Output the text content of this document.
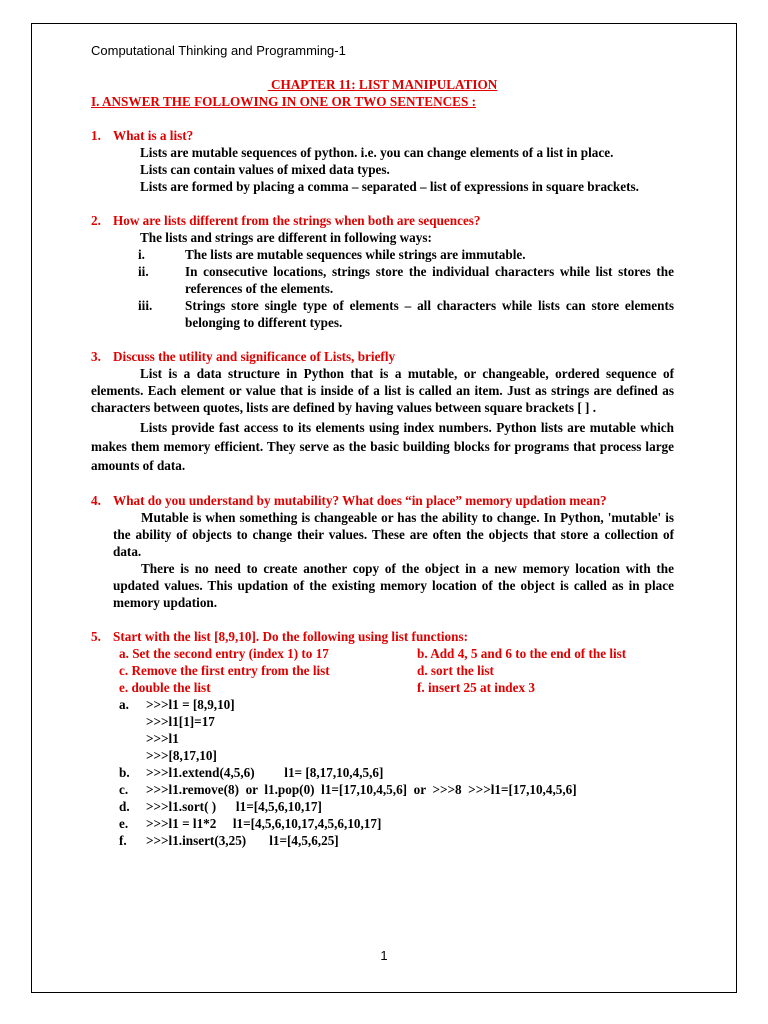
Computational Thinking and Programming-1

CHAPTER 11: LIST MANIPULATION

I. ANSWER THE FOLLOWING IN ONE OR TWO SENTENCES :

1. What is a list?

Lists are mutable sequences of python. i.e. you can change elements of a list in place.

Lists can contain values of mixed data types.

Lists are formed by placing a comma – separated – list of expressions in square brackets.

2. How are lists different from the strings when both are sequences?

The lists and strings are different in following ways:

i.	The lists are mutable sequences while strings are immutable.
ii.	In consecutive locations, strings store the individual characters while list stores the references of the elements.
iii.	Strings store single type of elements – all characters while lists can store elements belonging to different types.
3. Discuss the utility and significance of Lists, briefly

List is a data structure in Python that is a mutable, or changeable, ordered sequence of elements. Each element or value that is inside of a list is called an item. Just as strings are defined as characters between quotes, lists are defined by having values between square brackets [ ] .

Lists provide fast access to its elements using index numbers. Python lists are mutable which makes them memory efficient. They serve as the basic building blocks for programs that process large amounts of data.

4. What do you understand by mutability? What does “in place” memory updation mean?

Mutable is when something is changeable or has the ability to change. In Python, 'mutable' is the ability of objects to change their values. These are often the objects that store a collection of data.

There is no need to create another copy of the object in a new memory location with the updated values. This updation of the existing memory location of the object is called as in place memory updation.

5. Start with the list [8,9,10]. Do the following using list functions:
a. Set the second entry (index 1) to 17	b. Add 4, 5 and 6 to the end of the list
c. Remove the first entry from the list	d. sort the list
e. double the list	f. insert 25 at index 3
a.	>>>l1 = [8,9,10]

>>>l1[1]=17

>>>l1

>>>[8,17,10]

b.	>>>l1.extend(4,5,6)         l1= [8,17,10,4,5,6]
c.	>>>l1.remove(8)  or  l1.pop(0)  l1=[17,10,4,5,6]  or  >>>8  >>>l1=[17,10,4,5,6]
d.	>>>l1.sort( )      l1=[4,5,6,10,17]
e.	>>>l1 = l1*2     l1=[4,5,6,10,17,4,5,6,10,17]
f.	>>>l1.insert(3,25)       l1=[4,5,6,25]
1
